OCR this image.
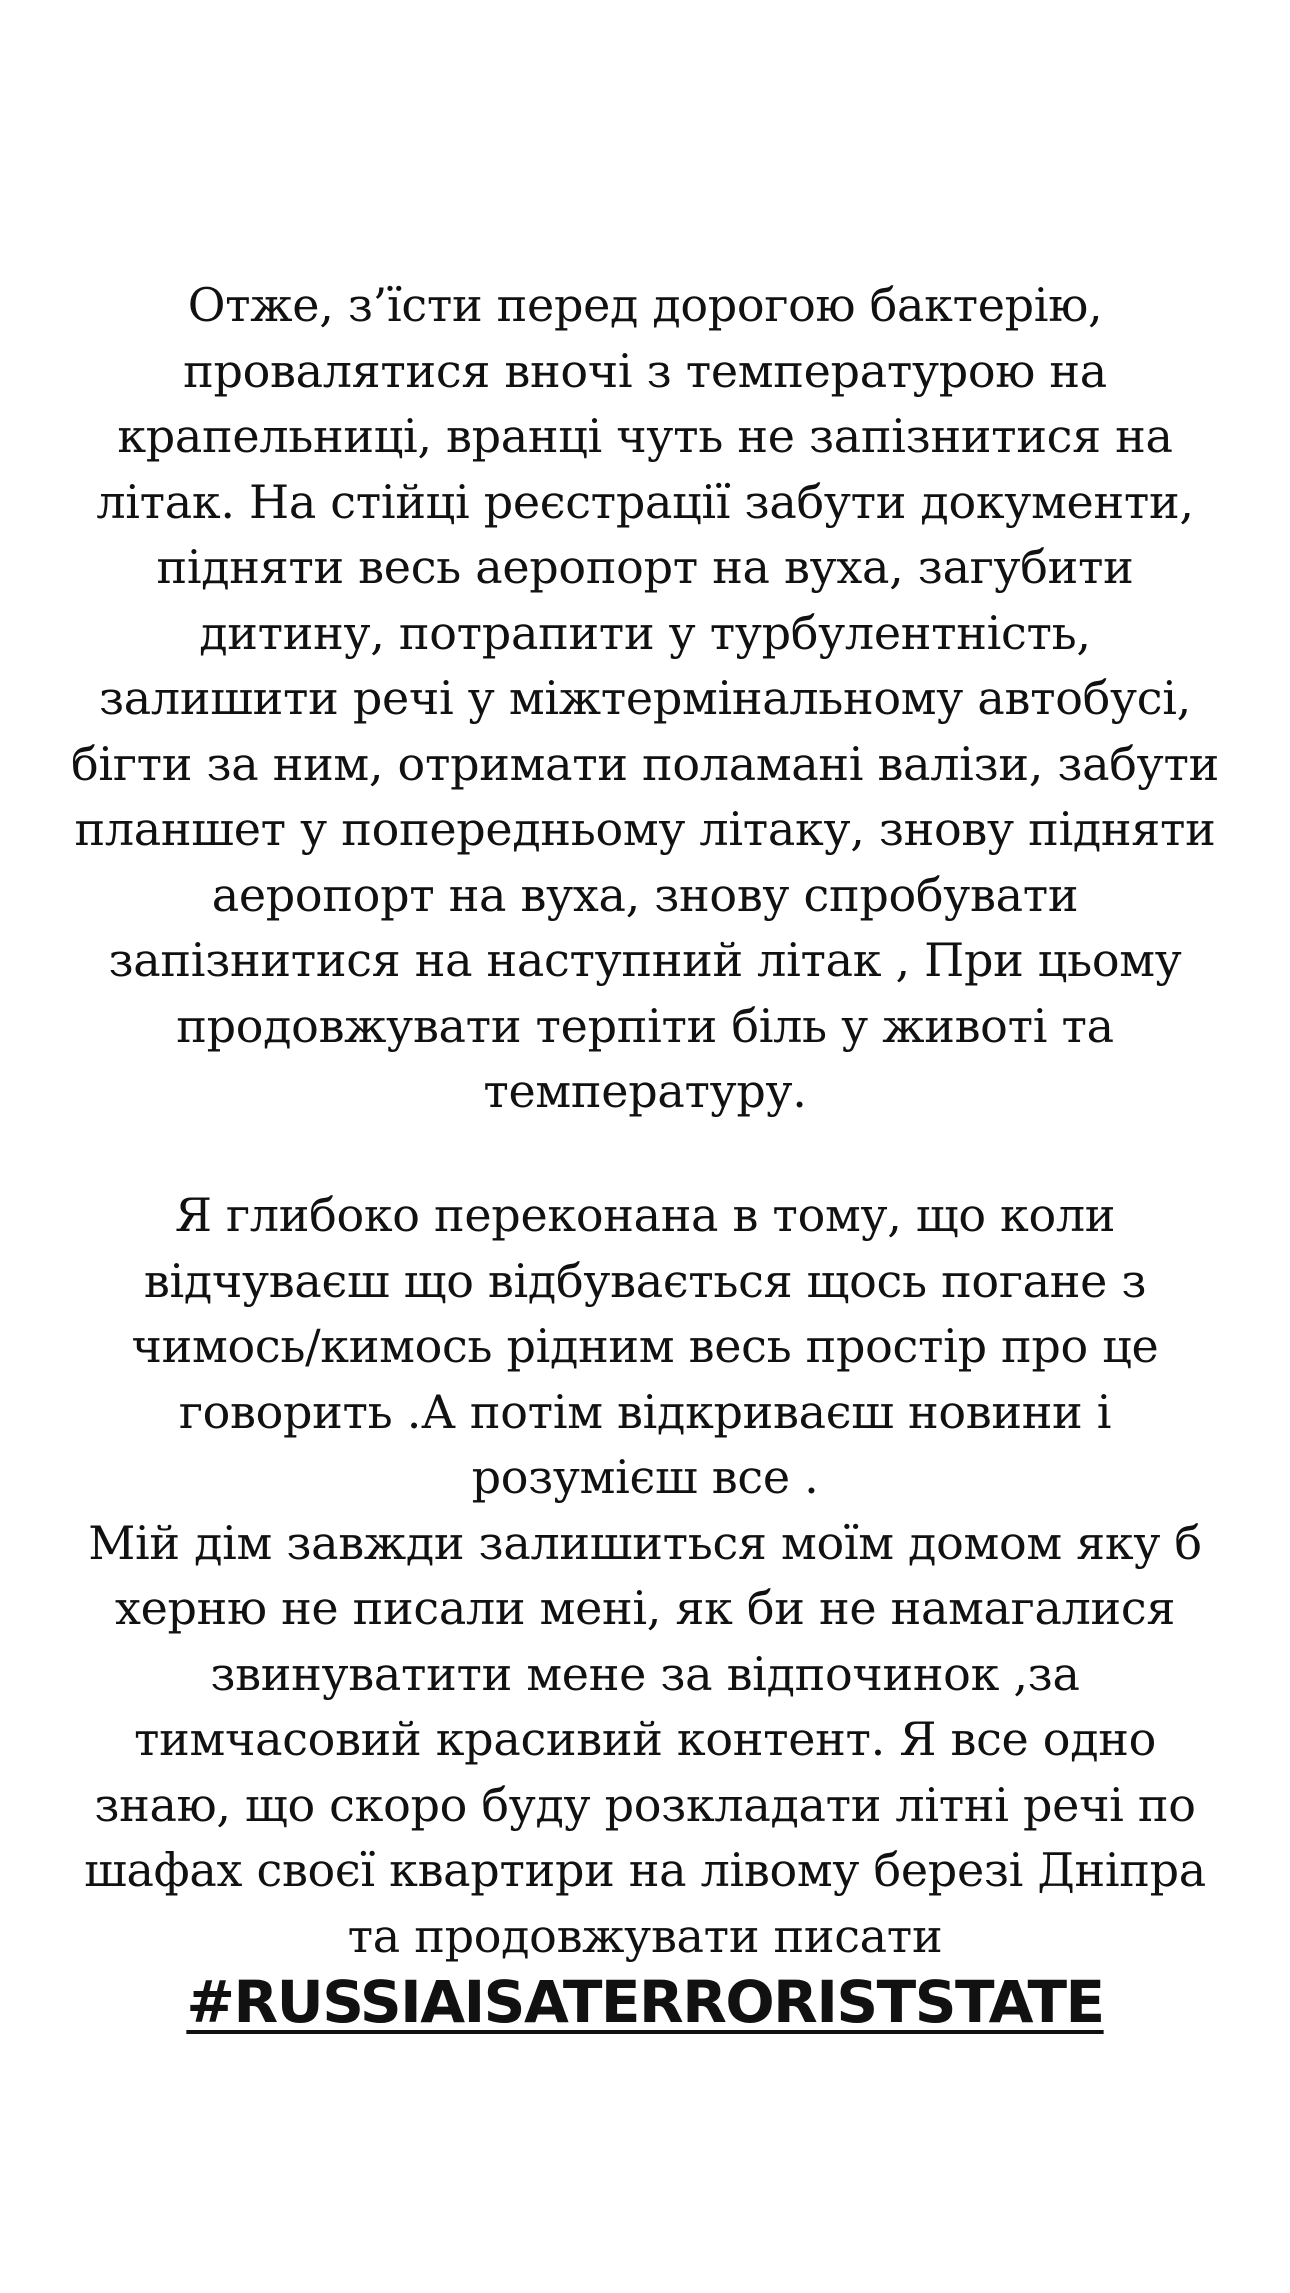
Отже, з’їсти перед дорогою бактерію,
провалятися вночі з температурою на
крапельниці, вранці чуть не запізнитися на
літак. На стійці реєстрації забути документи,
підняти весь аеропорт на вуха, загубити
дитину, потрапити у турбулентність,
залишити речі у міжтермінальному автобусі,
бігти за ним, отримати поламані валізи, забути
планшет у попередньому літаку, знову підняти
аеропорт на вуха, знову спробувати
запізнитися на наступний літак , При цьому
продовжувати терпіти біль у животі та
температуру.
Я глибоко переконана в тому, що коли
відчуваєш що відбувається щось погане з
чимось/кимось рідним весь простір про це
говорить .А потім відкриваєш новини і
розумієш все .
Мій дім завжди залишиться моїм домом яку б
херню не писали мені, як би не намагалися
звинуватити мене за відпочинок ,за
тимчасовий красивий контент. Я все одно
знаю, що скоро буду розкладати літні речі по
шафах своєї квартири на лівому березі Дніпра
та продовжувати писати
#RUSSIAISATERRORISTSTATE
